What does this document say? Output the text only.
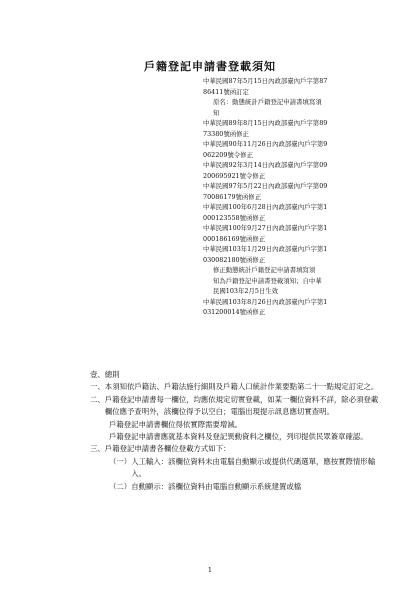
戶籍登記申請書登載須知

中華民國87年5月15日內政部臺內戶字第87
86411號函訂定

原名：動態統計戶籍登記申請書填寫須
知

中華民國89年8月15日內政部臺內戶字第89
73380號函修正

中華民國90年11月26日內政部臺內戶字第9
062209號令修正

中華民國92年3月14日內政部臺內戶字第09
200695921號令修正

中華民國97年5月22日內政部臺內戶字第09
70086179號函修正

中華民國100年6月28日內政部臺內戶字第1
000123558號函修正

中華民國100年9月27日內政部臺內戶字第1
000186169號函修正

中華民國103年1月29日內政部臺內戶字第1
030082180號函修正

修正動態統計戶籍登記申請書填寫須
知為戶籍登記申請書登載須知；自中華
民國103年2月5日生效

中華民國103年8月26日內政部臺內戶字第1
031200014號函修正

壹、總則

一、 本須知依戶籍法、戶籍法施行細則及戶籍人口統計作業要點第二十一點規定訂定之。
二、 戶籍登記申請書每一欄位，均應依規定切實登載，如某一欄位資料不詳，除必須登載欄位應予查明外，該欄位得予以空白；電腦出現提示訊息應切實查明。

戶籍登記申請書欄位得依實際需要增減。

戶籍登記申請書應就基本資料及登記異動資料之欄位，列印提供民眾簽章確認。

三、 戶籍登記申請書各欄位登載方式如下：
（一） 人工輸入：該欄位資料未由電腦自動顯示或提供代碼選單，應按實際情形輸入。
（二） 自動顯示：該欄位資料由電腦自動顯示系統建置或檔
1
